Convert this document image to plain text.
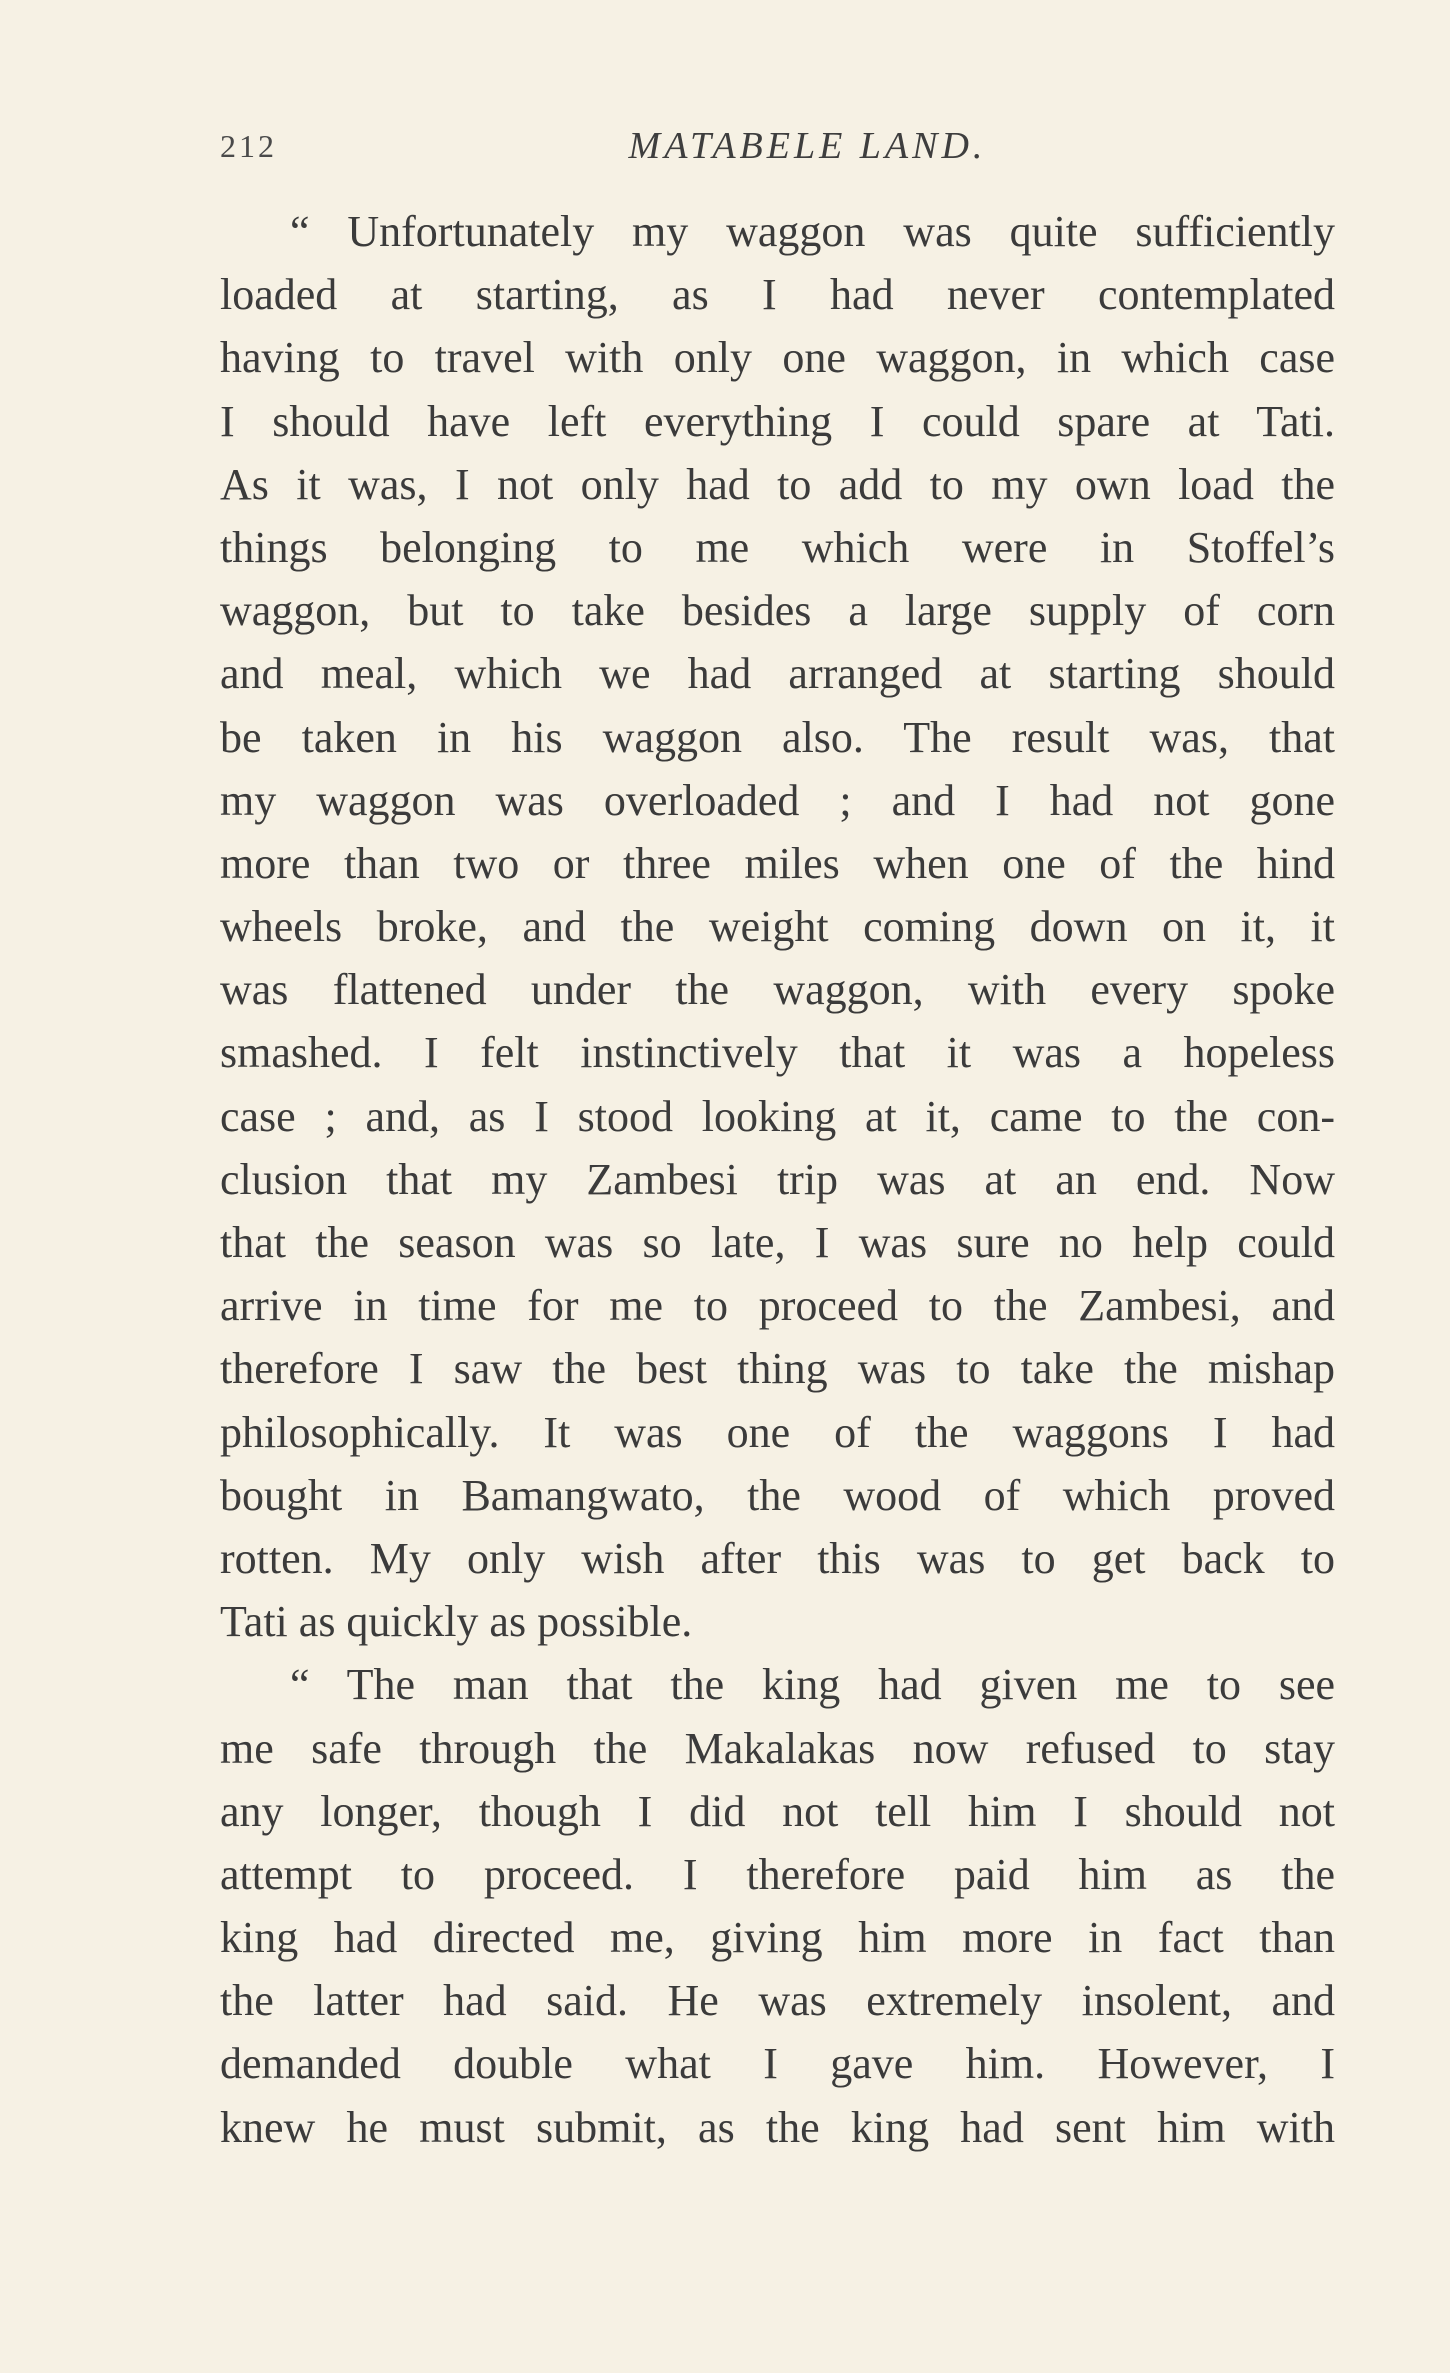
212	MATABELE LAND.
“ Unfortunately my waggon was quite sufficiently
loaded at starting, as I had never contemplated
having to travel with only one waggon, in which case
I should have left everything I could spare at Tati.
As it was, I not only had to add to my own load the
things belonging to me which were in Stoffel’s
waggon, but to take besides a large supply of corn
and meal, which we had arranged at starting should
be taken in his waggon also. The result was, that
my waggon was overloaded ; and I had not gone
more than two or three miles when one of the hind
wheels broke, and the weight coming down on it, it
was flattened under the waggon, with every spoke
smashed. I felt instinctively that it was a hopeless
case ; and, as I stood looking at it, came to the con-
clusion that my Zambesi trip was at an end. Now
that the season was so late, I was sure no help could
arrive in time for me to proceed to the Zambesi, and
therefore I saw the best thing was to take the mishap
philosophically. It was one of the waggons I had
bought in Bamangwato, the wood of which proved
rotten. My only wish after this was to get back to
Tati as quickly as possible.
“ The man that the king had given me to see
me safe through the Makalakas now refused to stay
any longer, though I did not tell him I should not
attempt to proceed. I therefore paid him as the
king had directed me, giving him more in fact than
the latter had said. He was extremely insolent, and
demanded double what I gave him. However, I
knew he must submit, as the king had sent him with
